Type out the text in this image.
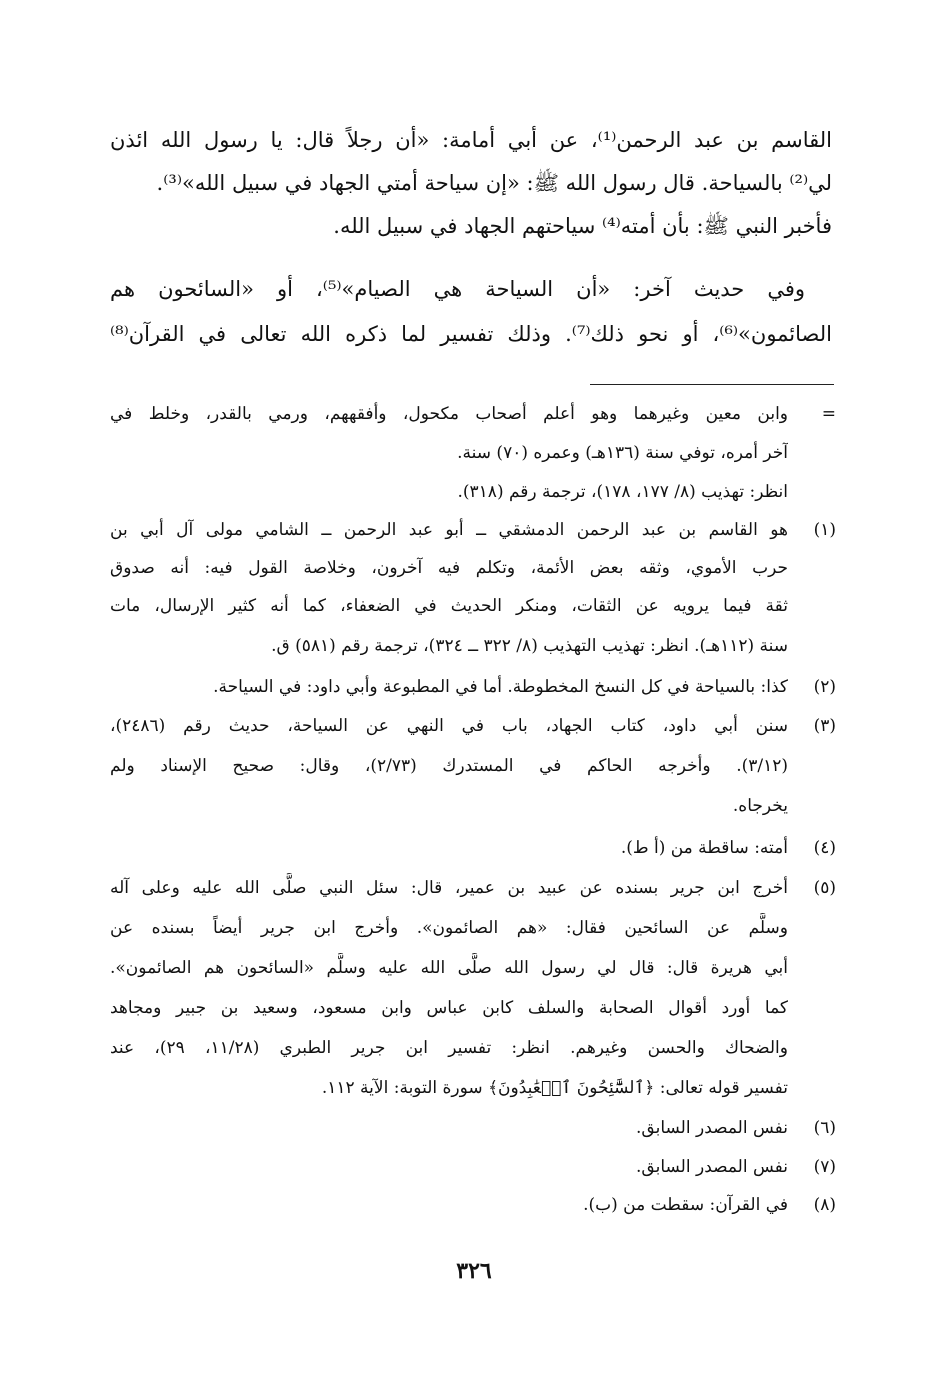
القاسم بن عبد الرحمن⁽¹⁾، عن أبي أمامة: «أن رجلاً قال: يا رسول الله ائذن
لي⁽²⁾ بالسياحة. قال رسول الله ﷺ: «إن سياحة أمتي الجهاد في سبيل الله»⁽³⁾.
فأخبر النبي ﷺ: بأن أمته⁽⁴⁾ سياحتهم الجهاد في سبيل الله.
وفي حديث آخر: «أن السياحة هي الصيام»⁽⁵⁾، أو «السائحون هم
الصائمون»⁽⁶⁾، أو نحو ذلك⁽⁷⁾. وذلك تفسير لما ذكره الله تعالى في القرآن⁽⁸⁾
=
وابن معين وغيرهما وهو أعلم أصحاب مكحول، وأفقههم، ورمي بالقدر، وخلط في
آخر أمره، توفي سنة (١٣٦هـ) وعمره (٧٠) سنة.
انظر: تهذيب (٨/ ١٧٧، ١٧٨)، ترجمة رقم (٣١٨).
(١)
هو القاسم بن عبد الرحمن الدمشقي ــ أبو عبد الرحمن ــ الشامي مولى آل أبي بن
حرب الأموي، وثقه بعض الأئمة، وتكلم فيه آخرون، وخلاصة القول فيه: أنه صدوق
ثقة فيما يرويه عن الثقات، ومنكر الحديث في الضعفاء، كما أنه كثير الإرسال، مات
سنة (١١٢هـ). انظر: تهذيب التهذيب (٨/ ٣٢٢ ــ ٣٢٤)، ترجمة رقم (٥٨١) ق.
(٢)
كذا: بالسياحة في كل النسخ المخطوطة. أما في المطبوعة وأبي داود: في السياحة.
(٣)
سنن أبي داود، كتاب الجهاد، باب في النهي عن السياحة، حديث رقم (٢٤٨٦)،
(٣/١٢). وأخرجه الحاكم في المستدرك (٢/٧٣)، وقال: صحيح الإسناد ولم
يخرجاه.
(٤)
أمته: ساقطة من (أ ط).
(٥)
أخرج ابن جرير بسنده عن عبيد بن عمير، قال: سئل النبي صلَّى الله عليه وعلى آله
وسلَّم عن السائحين فقال: «هم الصائمون». وأخرج ابن جرير أيضاً بسنده عن
أبي هريرة قال: قال لي رسول الله صلَّى الله عليه وسلَّم «السائحون هم الصائمون».
كما أورد أقوال الصحابة والسلف كابن عباس وابن مسعود، وسعيد بن جبير ومجاهد
والضحاك والحسن وغيرهم. انظر: تفسير ابن جرير الطبري (١١/٢٨، ٢٩)، عند
تفسير قوله تعالى: ﴿ٱلسَّٰٓئِحُونَ ٱلۡعَٰبِدُونَ﴾ سورة التوبة: الآية ١١٢.
(٦)
نفس المصدر السابق.
(٧)
نفس المصدر السابق.
(٨)
في القرآن: سقطت من (ب).
٣٢٦
